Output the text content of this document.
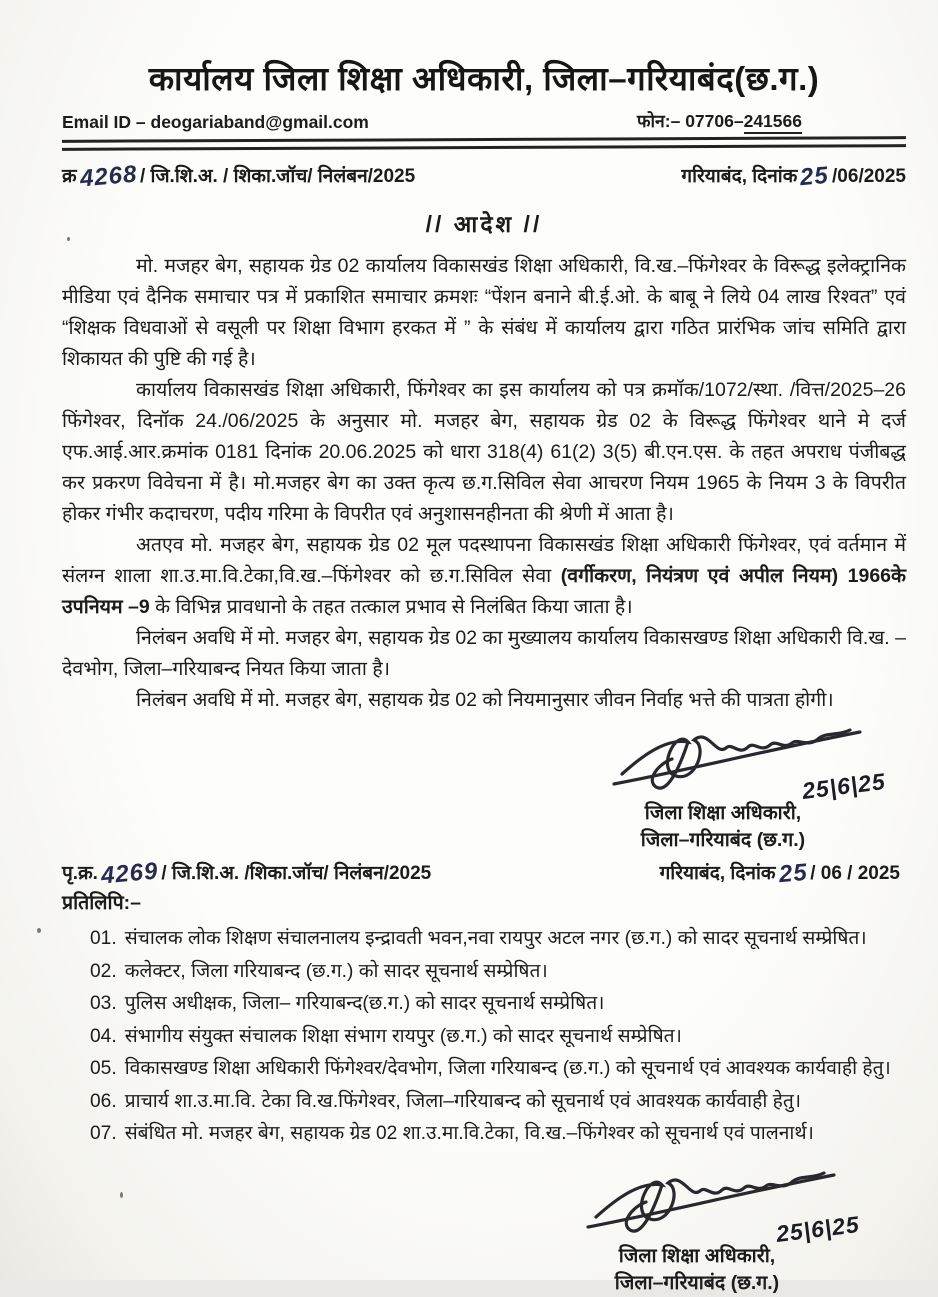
कार्यालय जिला शिक्षा अधिकारी, जिला–गरियाबंद(छ.ग.)
Email ID – deogariaband@gmail.com	फोन:– 07706–241566
क्र4268 / जि.शि.अ. / शिका.जॉच/ निलंबन/2025	गरियाबंद, दिनांक25 /06/2025
// आदेश //

मो. मजहर बेग, सहायक ग्रेड 02 कार्यालय विकासखंड शिक्षा अधिकारी, वि.ख.–फिंगेश्वर के विरूद्ध इलेक्ट्रानिक मीडिया एवं दैनिक समाचार पत्र में प्रकाशित समाचार क्रमशः “पेंशन बनाने बी.ई.ओ. के बाबू ने लिये 04 लाख रिश्वत” एवं “शिक्षक विधवाओं से वसूली पर शिक्षा विभाग हरकत में ” के संबंध में कार्यालय द्वारा गठित प्रारंभिक जांच समिति द्वारा शिकायत की पुष्टि की गई है।

कार्यालय विकासखंड शिक्षा अधिकारी, फिंगेश्वर का इस कार्यालय को पत्र क्रमॉक/1072/स्था. /वित्त/2025–26 फिंगेश्वर, दिनॉक 24./06/2025 के अनुसार मो. मजहर बेग, सहायक ग्रेड 02 के विरूद्ध फिंगेश्वर थाने मे दर्ज एफ.आई.आर.क्रमांक 0181 दिनांक 20.06.2025 को धारा 318(4) 61(2) 3(5) बी.एन.एस. के तहत अपराध पंजीबद्ध कर प्रकरण विवेचना में है। मो.मजहर बेग का उक्त कृत्य छ.ग.सिविल सेवा आचरण नियम 1965 के नियम 3 के विपरीत होकर गंभीर कदाचरण, पदीय गरिमा के विपरीत एवं अनुशासनहीनता की श्रेणी में आता है।

अतएव मो. मजहर बेग, सहायक ग्रेड 02 मूल पदस्थापना विकासखंड शिक्षा अधिकारी फिंगेश्वर, एवं वर्तमान में संलग्न शाला शा.उ.मा.वि.टेका,वि.ख.–फिंगेश्वर को छ.ग.सिविल सेवा (वर्गीकरण, नियंत्रण एवं अपील नियम) 1966के उपनियम –9 के विभिन्न प्रावधानो के तहत तत्काल प्रभाव से निलंबित किया जाता है।

निलंबन अवधि में मो. मजहर बेग, सहायक ग्रेड 02 का मुख्यालय कार्यालय विकासखण्ड शिक्षा अधिकारी वि.ख. –देवभोग, जिला–गरियाबन्द नियत किया जाता है।

निलंबन अवधि में मो. मजहर बेग, सहायक ग्रेड 02 को नियमानुसार जीवन निर्वाह भत्ते की पात्रता होगी।

25|6|25
जिला शिक्षा अधिकारी,
जिला–गरियाबंद (छ.ग.)
पृ.क्र.4269 / जि.शि.अ. /शिका.जॉच/ निलंबन/2025
प्रतिलिपि:–
गरियाबंद, दिनांक25 / 06 / 2025
01. संचालक लोक शिक्षण संचालनालय इन्द्रावती भवन,नवा रायपुर अटल नगर (छ.ग.) को सादर सूचनार्थ सम्प्रेषित।
02. कलेक्टर, जिला गरियाबन्द (छ.ग.) को सादर सूचनार्थ सम्प्रेषित।
03. पुलिस अधीक्षक, जिला– गरियाबन्द(छ.ग.) को सादर सूचनार्थ सम्प्रेषित।
04. संभागीय संयुक्त संचालक शिक्षा संभाग रायपुर (छ.ग.) को सादर सूचनार्थ सम्प्रेषित।
05. विकासखण्ड शिक्षा अधिकारी फिंगेश्वर/देवभोग, जिला गरियाबन्द (छ.ग.) को सूचनार्थ एवं आवश्यक कार्यवाही हेतु।
06. प्राचार्य शा.उ.मा.वि. टेका वि.ख.फिंगेश्वर, जिला–गरियाबन्द को सूचनार्थ एवं आवश्यक कार्यवाही हेतु।
07. संबंधित मो. मजहर बेग, सहायक ग्रेड 02 शा.उ.मा.वि.टेका, वि.ख.–फिंगेश्वर को सूचनार्थ एवं पालनार्थ।
25|6|25
जिला शिक्षा अधिकारी,
जिला–गरियाबंद (छ.ग.)
